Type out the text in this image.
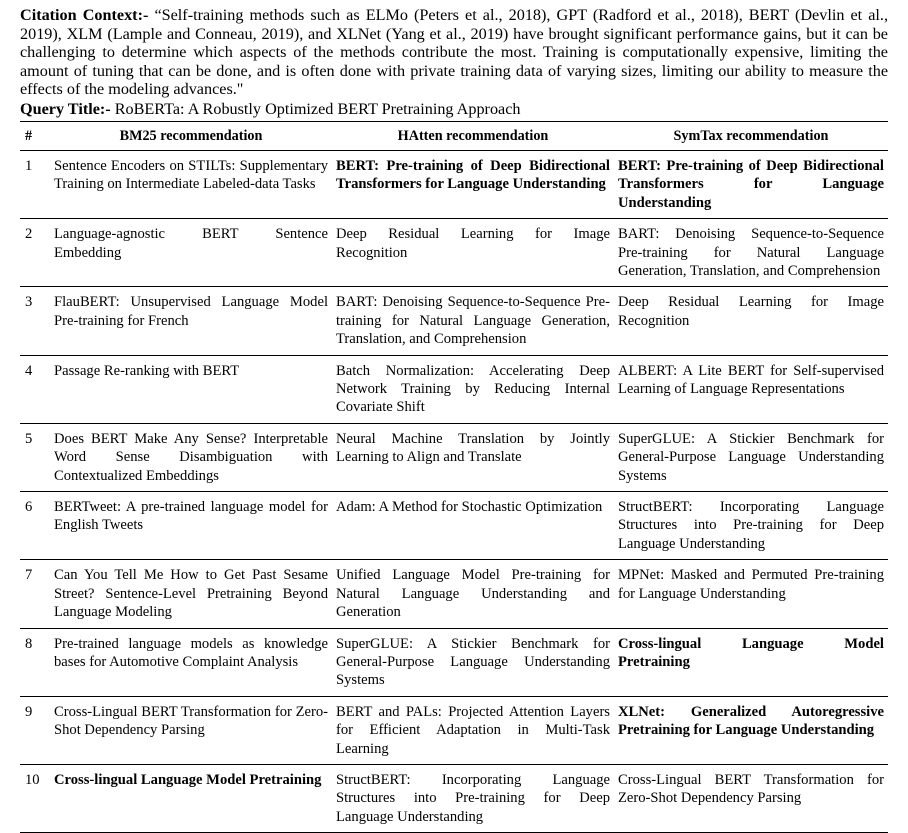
Citation Context:- “Self-training methods such as ELMo (Peters et al., 2018), GPT (Radford et al., 2018), BERT (Devlin et al., 2019), XLM (Lample and Conneau, 2019), and XLNet (Yang et al., 2019) have brought significant performance gains, but it can be challenging to determine which aspects of the methods contribute the most. Training is computationally expensive, limiting the amount of tuning that can be done, and is often done with private training data of varying sizes, limiting our ability to measure the effects of the modeling advances."

Query Title:- RoBERTa: A Robustly Optimized BERT Pretraining Approach

#	BM25 recommendation	HAtten recommendation	SymTax recommendation
1	Sentence Encoders on STILTs: Supplementary Training on Intermediate Labeled-data Tasks	BERT: Pre-training of Deep Bidirectional Transformers for Language Understanding	BERT: Pre-training of Deep Bidirectional Transformers for Language Understanding
2	Language-agnostic BERT Sentence Embedding	Deep Residual Learning for Image Recognition	BART: Denoising Sequence-to-Sequence Pre-training for Natural Language Generation, Translation, and Comprehension
3	FlauBERT: Unsupervised Language Model Pre-training for French	BART: Denoising Sequence-to-Sequence Pre-training for Natural Language Generation, Translation, and Comprehension	Deep Residual Learning for Image Recognition
4	Passage Re-ranking with BERT	Batch Normalization: Accelerating Deep Network Training by Reducing Internal Covariate Shift	ALBERT: A Lite BERT for Self-supervised Learning of Language Representations
5	Does BERT Make Any Sense? Interpretable Word Sense Disambiguation with Contextualized Embeddings	Neural Machine Translation by Jointly Learning to Align and Translate	SuperGLUE: A Stickier Benchmark for General-Purpose Language Understanding Systems
6	BERTweet: A pre-trained language model for English Tweets	Adam: A Method for Stochastic Optimization	StructBERT: Incorporating Language Structures into Pre-training for Deep Language Understanding
7	Can You Tell Me How to Get Past Sesame Street? Sentence-Level Pretraining Beyond Language Modeling	Unified Language Model Pre-training for Natural Language Understanding and Generation	MPNet: Masked and Permuted Pre-training for Language Understanding
8	Pre-trained language models as knowledge bases for Automotive Complaint Analysis	SuperGLUE: A Stickier Benchmark for General-Purpose Language Understanding Systems	Cross-lingual Language Model Pretraining
9	Cross-Lingual BERT Transformation for Zero-Shot Dependency Parsing	BERT and PALs: Projected Attention Layers for Efficient Adaptation in Multi-Task Learning	XLNet: Generalized Autoregressive Pretraining for Language Understanding
10	Cross-lingual Language Model Pretraining	StructBERT: Incorporating Language Structures into Pre-training for Deep Language Understanding	Cross-Lingual BERT Transformation for Zero-Shot Dependency Parsing
